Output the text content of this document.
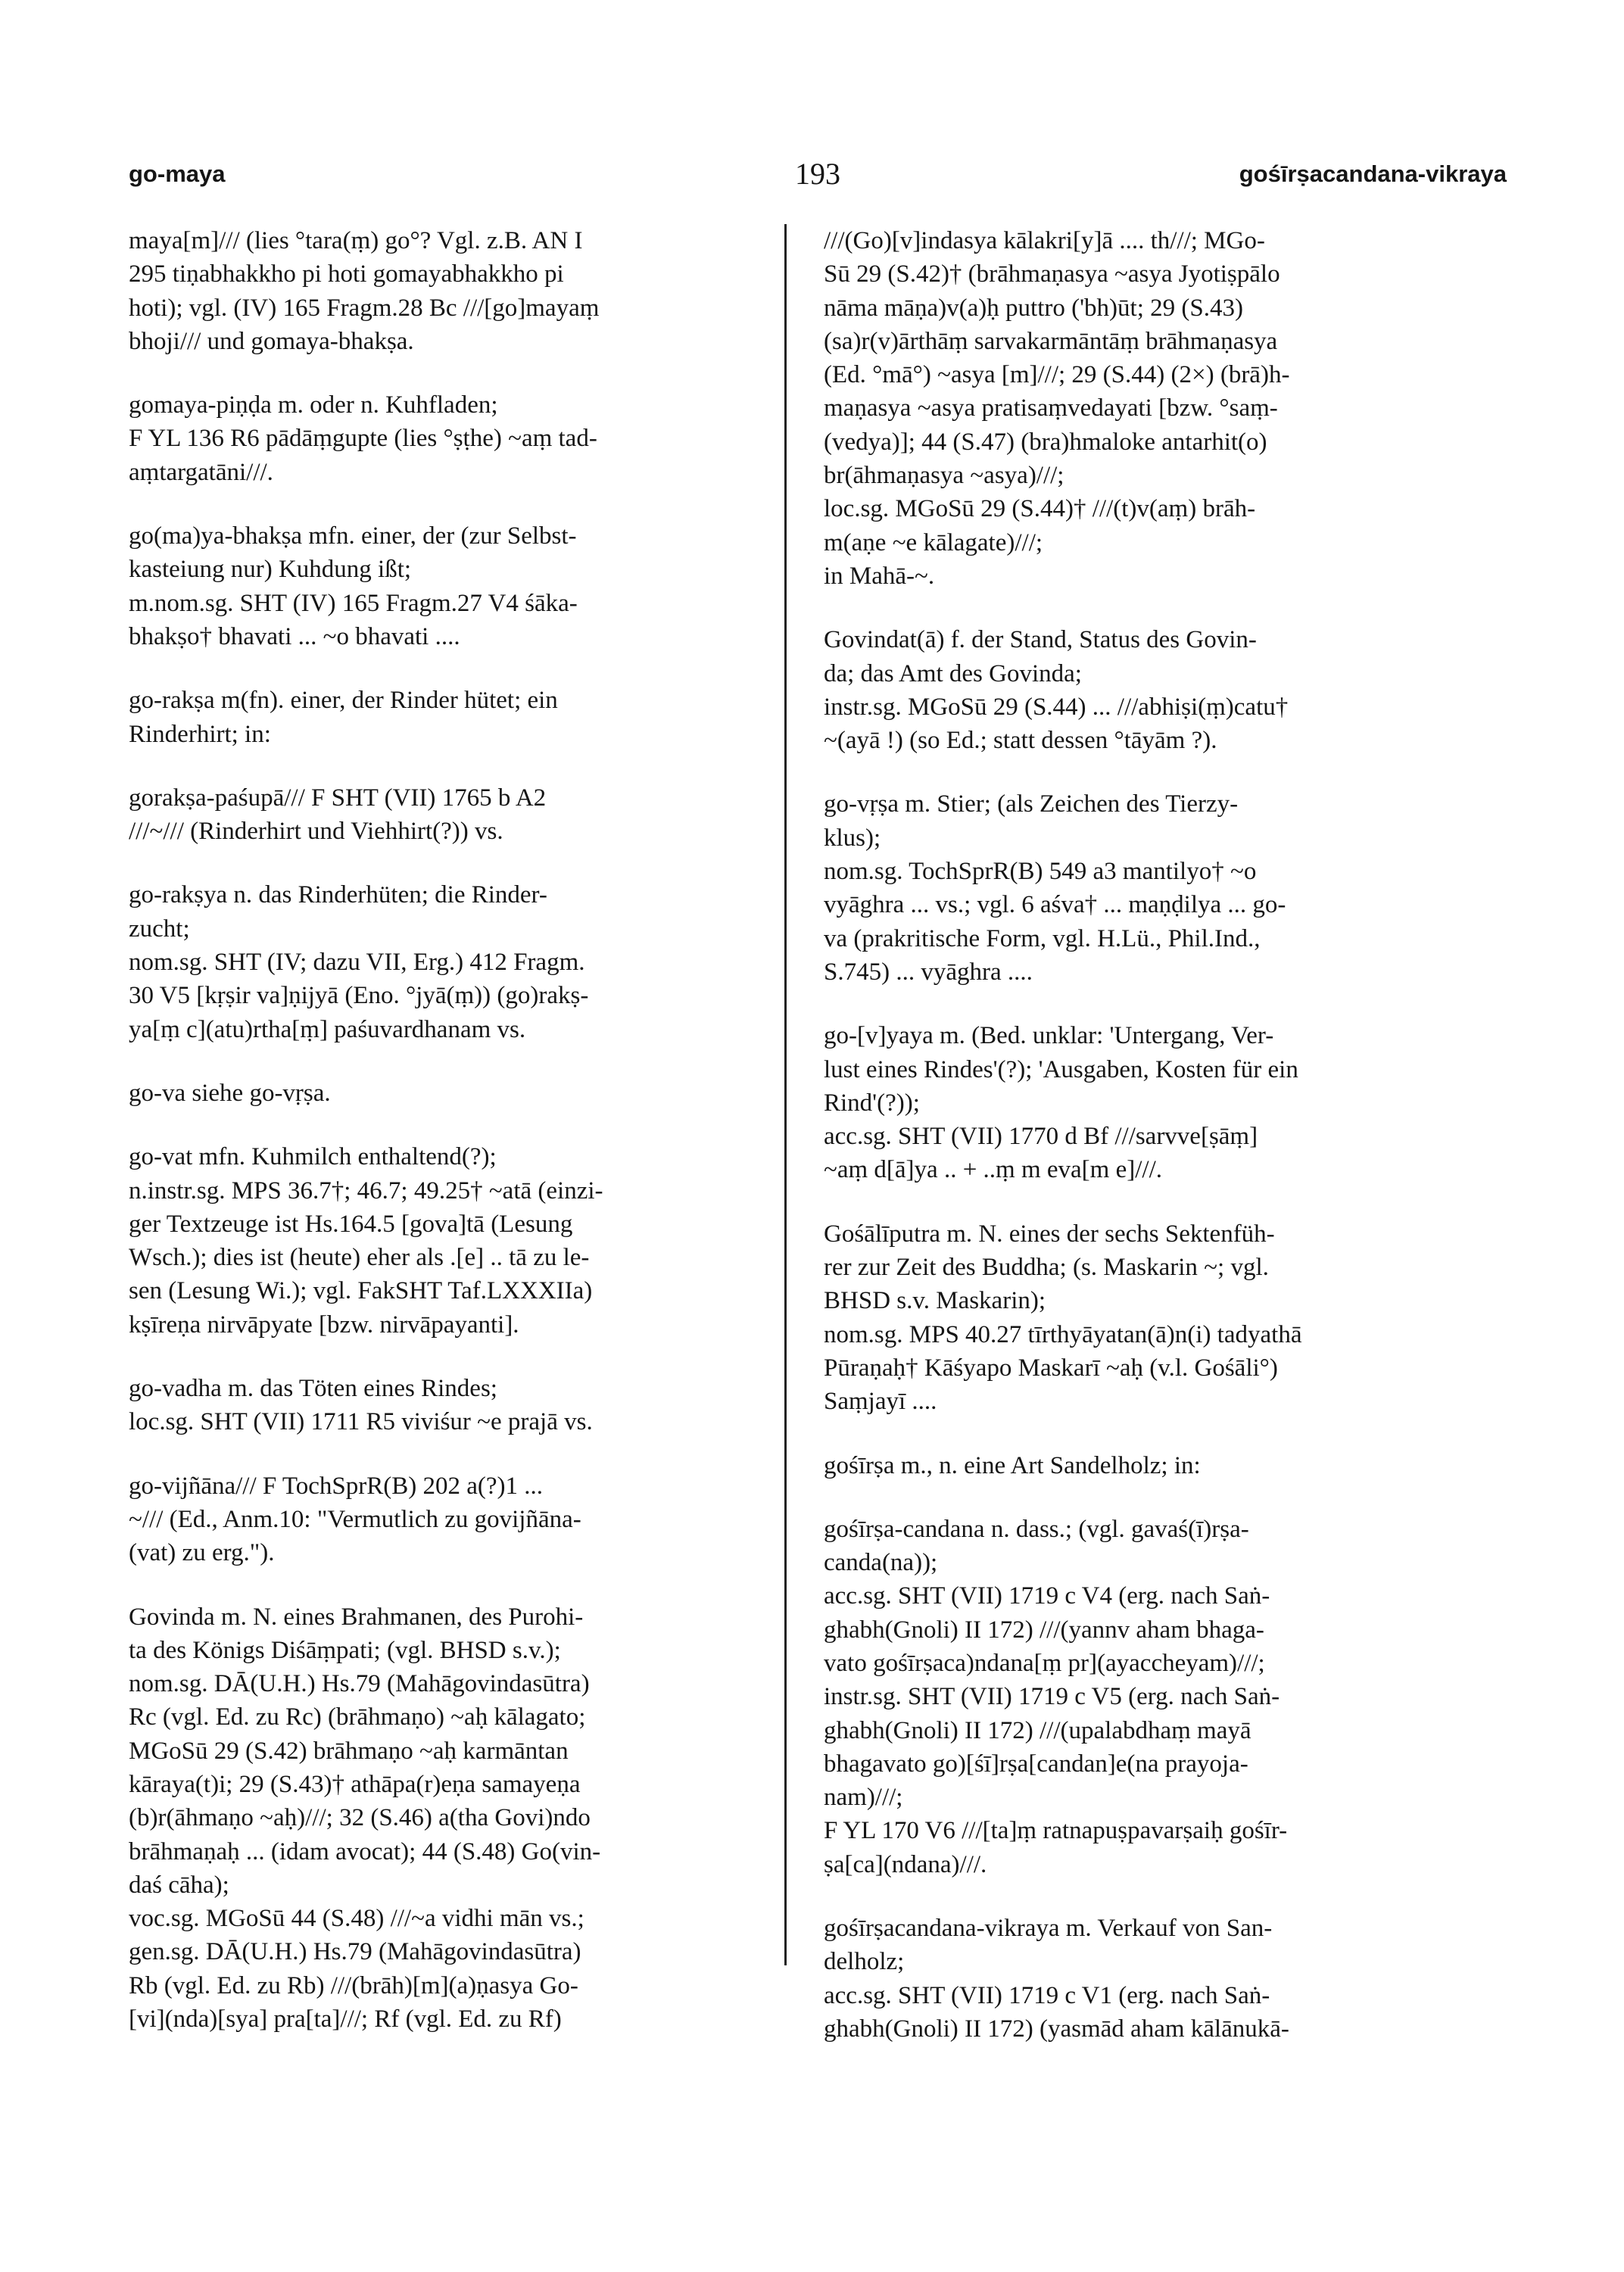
go-maya	193	gośīrṣacandana-vikraya
maya[m]/// (lies °tara(ṃ) go°? Vgl. z.B. AN I
295 tiṇabhakkho pi hoti gomayabhakkho pi
hoti); vgl. (IV) 165 Fragm.28 Bc ///[go]mayaṃ
bhoji/// und gomaya-bhakṣa.
gomaya-piṇḍa m. oder n. Kuhfladen;
F YL 136 R6 pādāṃgupte (lies °ṣṭhe) ~aṃ tad-
aṃtargatāni///.
go(ma)ya-bhakṣa mfn. einer, der (zur Selbst-
kasteiung nur) Kuhdung ißt;
m.nom.sg. SHT (IV) 165 Fragm.27 V4 śāka-
bhakṣo† bhavati ... ~o bhavati ....
go-rakṣa m(fn). einer, der Rinder hütet; ein
Rinderhirt; in:
gorakṣa-paśupā/// F SHT (VII) 1765 b A2
///~/// (Rinderhirt und Viehhirt(?)) vs.
go-rakṣya n. das Rinderhüten; die Rinder-
zucht;
nom.sg. SHT (IV; dazu VII, Erg.) 412 Fragm.
30 V5 [kṛṣir va]ṇijyā (Eno. °jyā(ṃ)) (go)rakṣ-
ya[ṃ c](atu)rtha[ṃ] paśuvardhanam vs.
go-va siehe go-vṛṣa.
go-vat mfn. Kuhmilch enthaltend(?);
n.instr.sg. MPS 36.7†; 46.7; 49.25† ~atā (einzi-
ger Textzeuge ist Hs.164.5 [gova]tā (Lesung
Wsch.); dies ist (heute) eher als .[e] .. tā zu le-
sen (Lesung Wi.); vgl. FakSHT Taf.LXXXIIa)
kṣīreṇa nirvāpyate [bzw. nirvāpayanti].
go-vadha m. das Töten eines Rindes;
loc.sg. SHT (VII) 1711 R5 viviśur ~e prajā vs.
go-vijñāna/// F TochSprR(B) 202 a(?)1 ...
~/// (Ed., Anm.10: "Vermutlich zu govijñāna-
(vat) zu erg.").
Govinda m. N. eines Brahmanen, des Purohi-
ta des Königs Diśāṃpati; (vgl. BHSD s.v.);
nom.sg. DĀ(U.H.) Hs.79 (Mahāgovindasūtra)
Rc (vgl. Ed. zu Rc) (brāhmaṇo) ~aḥ kālagato;
MGoSū 29 (S.42) brāhmaṇo ~aḥ karmāntan
kāraya(t)i; 29 (S.43)† athāpa(r)eṇa samayeṇa
(b)r(āhmaṇo ~aḥ)///; 32 (S.46) a(tha Govi)ndo
brāhmaṇaḥ ... (idam avocat); 44 (S.48) Go(vin-
daś cāha);
voc.sg. MGoSū 44 (S.48) ///~a vidhi mān vs.;
gen.sg. DĀ(U.H.) Hs.79 (Mahāgovindasūtra)
Rb (vgl. Ed. zu Rb) ///(brāh)[m](a)ṇasya Go-
[vi](nda)[sya] pra[ta]///; Rf (vgl. Ed. zu Rf)
///(Go)[v]indasya kālakri[y]ā .... th///; MGo-
Sū 29 (S.42)† (brāhmaṇasya ~asya Jyotiṣpālo
nāma māṇa)v(a)ḥ puttro ('bh)ūt; 29 (S.43)
(sa)r(v)ārthāṃ sarvakarmāntāṃ brāhmaṇasya
(Ed. °mā°) ~asya [m]///; 29 (S.44) (2×) (brā)h-
maṇasya ~asya pratisaṃvedayati [bzw. °saṃ-
(vedya)]; 44 (S.47) (bra)hmaloke antarhit(o)
br(āhmaṇasya ~asya)///;
loc.sg. MGoSū 29 (S.44)† ///(t)v(aṃ) brāh-
m(aṇe ~e kālagate)///;
in Mahā-~.
Govindat(ā) f. der Stand, Status des Govin-
da; das Amt des Govinda;
instr.sg. MGoSū 29 (S.44) ... ///abhiṣi(ṃ)catu†
~(ayā !) (so Ed.; statt dessen °tāyām ?).
go-vṛṣa m. Stier; (als Zeichen des Tierzy-
klus);
nom.sg. TochSprR(B) 549 a3 mantilyo† ~o
vyāghra ... vs.; vgl. 6 aśva† ... maṇḍilya ... go-
va (prakritische Form, vgl. H.Lü., Phil.Ind.,
S.745) ... vyāghra ....
go-[v]yaya m. (Bed. unklar: 'Untergang, Ver-
lust eines Rindes'(?); 'Ausgaben, Kosten für ein
Rind'(?));
acc.sg. SHT (VII) 1770 d Bf ///sarvve[ṣāṃ]
~aṃ d[ā]ya .. + ..ṃ m eva[m e]///.
Gośālīputra m. N. eines der sechs Sektenfüh-
rer zur Zeit des Buddha; (s. Maskarin ~; vgl.
BHSD s.v. Maskarin);
nom.sg. MPS 40.27 tīrthyāyatan(ā)n(i) tadyathā
Pūraṇaḥ† Kāśyapo Maskarī ~aḥ (v.l. Gośāli°)
Saṃjayī ....
gośīrṣa m., n. eine Art Sandelholz; in:
gośīrṣa-candana n. dass.; (vgl. gavaś(ī)rṣa-
canda(na));
acc.sg. SHT (VII) 1719 c V4 (erg. nach Saṅ-
ghabh(Gnoli) II 172) ///(yannv aham bhaga-
vato gośīrṣaca)ndana[ṃ pr](ayaccheyam)///;
instr.sg. SHT (VII) 1719 c V5 (erg. nach Saṅ-
ghabh(Gnoli) II 172) ///(upalabdhaṃ mayā
bhagavato go)[śī]rṣa[candan]e(na prayoja-
nam)///;
F YL 170 V6 ///[ta]ṃ ratnapuṣpavarṣaiḥ gośīr-
ṣa[ca](ndana)///.
gośīrṣacandana-vikraya m. Verkauf von San-
delholz;
acc.sg. SHT (VII) 1719 c V1 (erg. nach Saṅ-
ghabh(Gnoli) II 172) (yasmād aham kālānukā-
